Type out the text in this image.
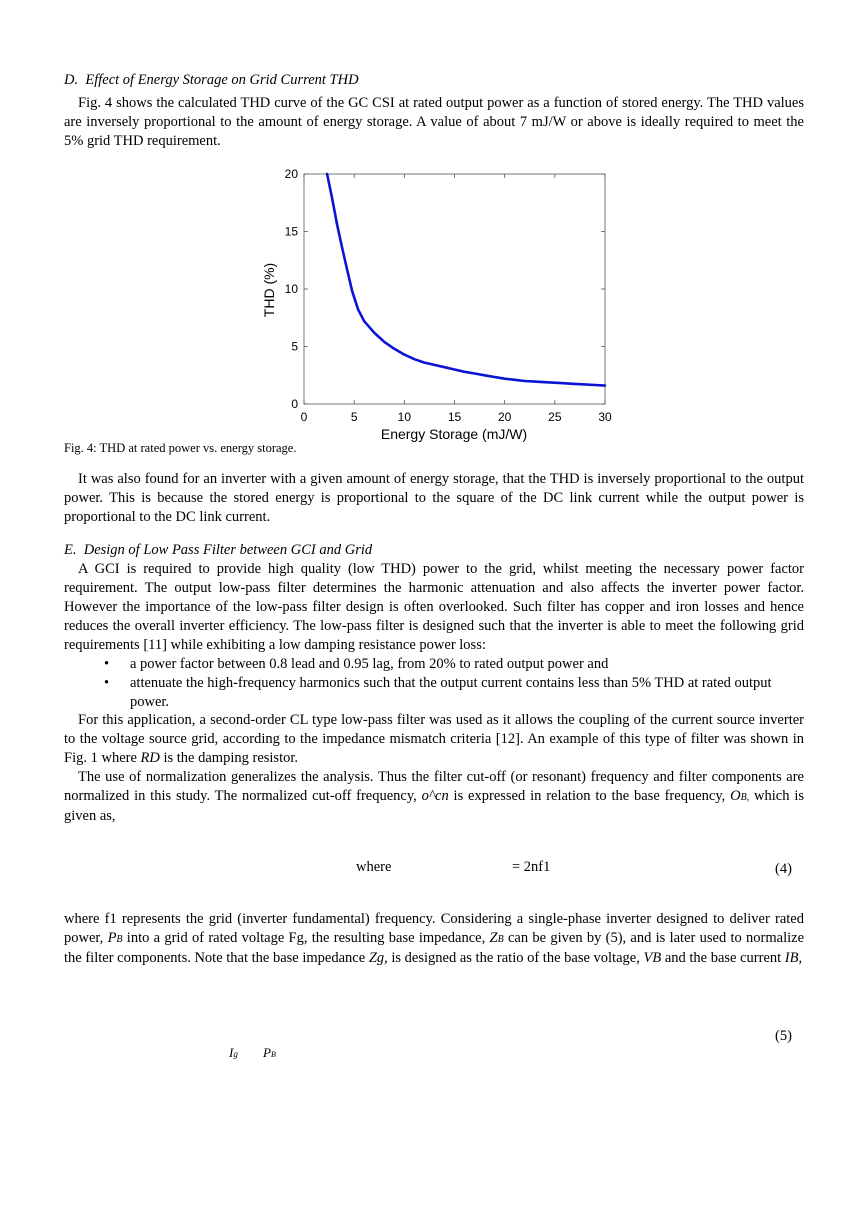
D. Effect of Energy Storage on Grid Current THD

Fig. 4 shows the calculated THD curve of the GC CSI at rated output power as a function of stored energy. The THD values are inversely proportional to the amount of energy storage. A value of about 7 mJ/W or above is ideally required to meet the 5% grid THD requirement.

0	5	10	15	20	25	30
0
5
10
15
20
Energy Storage (mJ/W)
THD (%)
Fig. 4: THD at rated power vs. energy storage.

It was also found for an inverter with a given amount of energy storage, that the THD is inversely proportional to the output power. This is because the stored energy is proportional to the square of the DC link current while the output power is proportional to the DC link current.

E. Design of Low Pass Filter between GCI and Grid

A GCI is required to provide high quality (low THD) power to the grid, whilst meeting the necessary power factor requirement. The output low-pass filter determines the harmonic attenuation and also affects the inverter power factor. However the importance of the low-pass filter design is often overlooked. Such filter has copper and iron losses and hence reduces the overall inverter efficiency. The low-pass filter is designed such that the inverter is able to meet the following grid requirements [11] while exhibiting a low damping resistance power loss:

• a power factor between 0.8 lead and 0.95 lag, from 20% to rated output power and
• attenuate the high-frequency harmonics such that the output current contains less than 5% THD at rated output power.

For this application, a second-order CL type low-pass filter was used as it allows the coupling of the current source inverter to the voltage source grid, according to the impedance mismatch criteria [12]. An example of this type of filter was shown in Fig. 1 where RD is the damping resistor.

The use of normalization generalizes the analysis. Thus the filter cut-off (or resonant) frequency and filter components are normalized in this study. The normalized cut-off frequency, o^cn is expressed in relation to the base frequency, OB, which is given as,

where	= 2nf1	(4)

where f1 represents the grid (inverter fundamental) frequency. Considering a single-phase inverter designed to deliver rated power, PB into a grid of rated voltage Fg, the resulting base impedance, ZB can be given by (5), and is later used to normalize the filter components. Note that the base impedance Zg, is designed as the ratio of the base voltage, VB and the base current IB,

(5)
Ig PB
